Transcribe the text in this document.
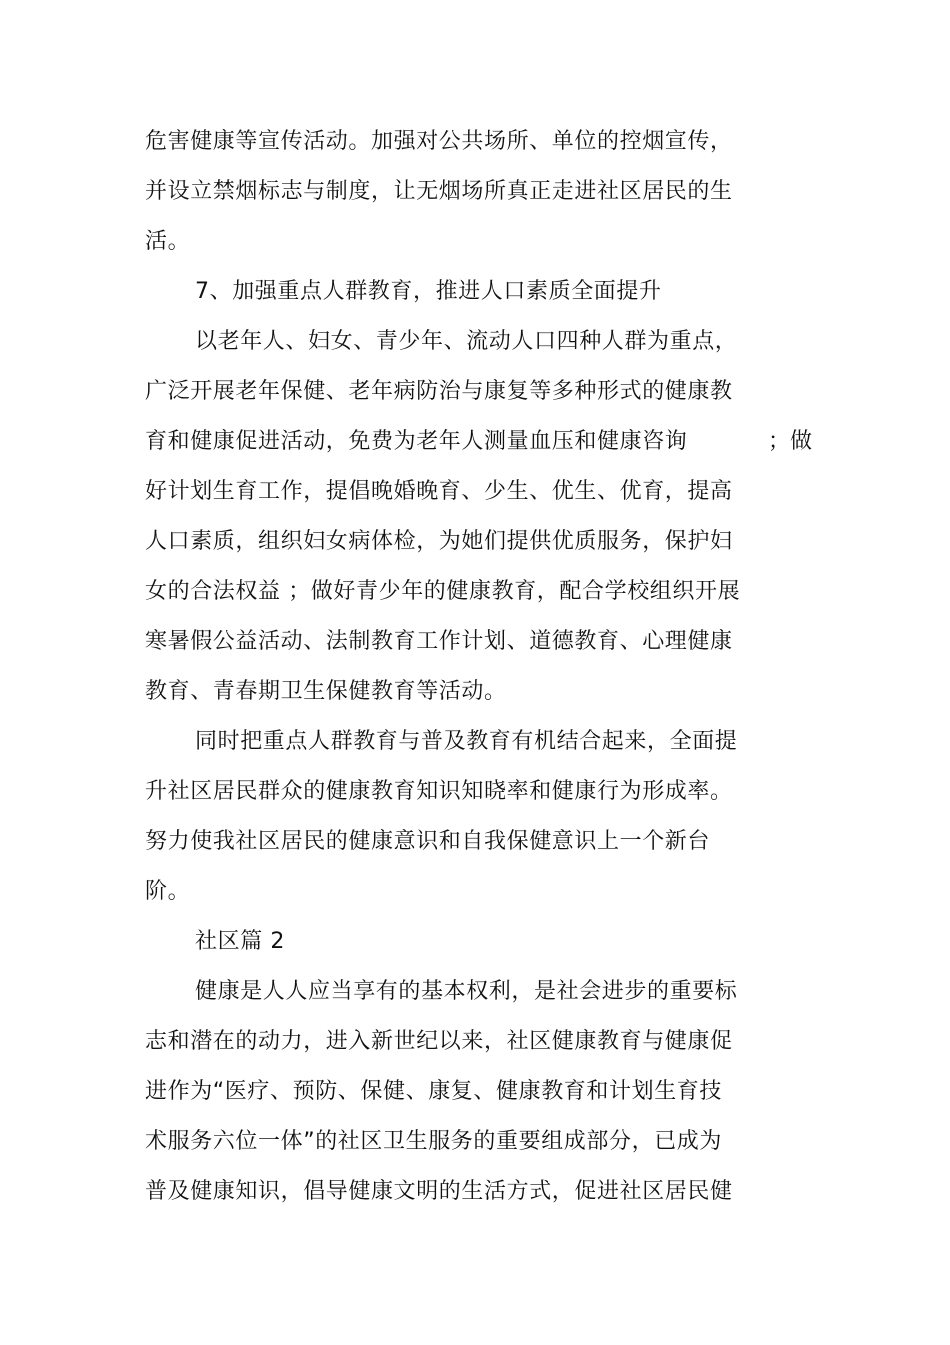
危害健康等宣传活动。加强对公共场所、单位的控烟宣传，
并设立禁烟标志与制度，让无烟场所真正走进社区居民的生
活。
7、加强重点人群教育，推进人口素质全面提升
以老年人、妇女、青少年、流动人口四种人群为重点，
广泛开展老年保健、老年病防治与康复等多种形式的健康教
育和健康促进活动，免费为老年人测量血压和健康咨询	；做
好计划生育工作，提倡晚婚晚育、少生、优生、优育，提高
人口素质，组织妇女病体检，为她们提供优质服务，保护妇
女的合法权益 ；做好青少年的健康教育，配合学校组织开展
寒暑假公益活动、法制教育工作计划、道德教育、心理健康
教育、青春期卫生保健教育等活动。
同时把重点人群教育与普及教育有机结合起来，全面提
升社区居民群众的健康教育知识知晓率和健康行为形成率。
努力使我社区居民的健康意识和自我保健意识上一个新台
阶。
社区篇 2
健康是人人应当享有的基本权利，是社会进步的重要标
志和潜在的动力，进入新世纪以来，社区健康教育与健康促
进作为“医疗、预防、保健、康复、健康教育和计划生育技
术服务六位一体”的社区卫生服务的重要组成部分，已成为
普及健康知识，倡导健康文明的生活方式，促进社区居民健
